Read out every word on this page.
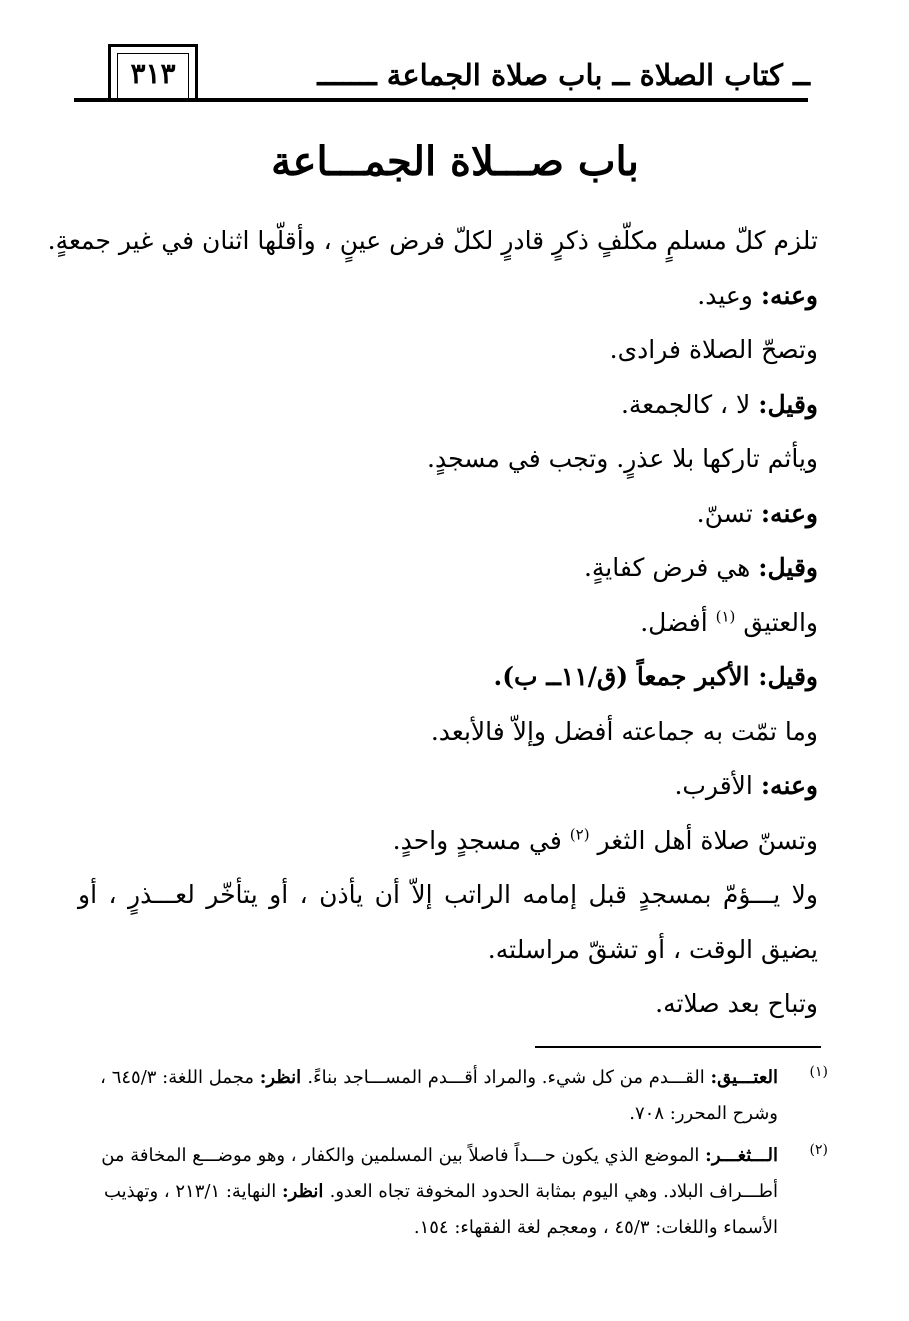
٣١٣	ــ كتاب الصلاة ــ باب صلاة الجماعة ـــــــ
باب صـــلاة الجمـــاعة

تلزم كلّ مسلمٍ مكلّفٍ ذكرٍ قادرٍ لكلّ فرض عينٍ ، وأقلّها اثنان في غير جمعةٍ.

وعنه: وعيد.

وتصحّ الصلاة فرادى.

وقيل: لا ، كالجمعة.

ويأثم تاركها بلا عذرٍ. وتجب في مسجدٍ.

وعنه: تسنّ.

وقيل: هي فرض كفايةٍ.

والعتيق $^{(١)}$ أفضل.

وقيل: الأكبر جمعاً (ق/١١ــ ب).

وما تمّت به جماعته أفضل وإلاّ فالأبعد.

وعنه: الأقرب.

وتسنّ صلاة أهل الثغر $^{(٢)}$ في مسجدٍ واحدٍ.

ولا يـــؤمّ بمسجدٍ قبل إمامه الراتب إلاّ أن يأذن ، أو يتأخّر لعـــذرٍ ، أو يضيق الوقت ، أو تشقّ مراسلته.

وتباح بعد صلاته.

(١)
العتـــيق: القـــدم من كل شيء. والمراد أقـــدم المســـاجد بناءً. انظر: مجمل اللغة: ٦٤٥/٣ ، وشرح المحرر: ٧٠٨.
(٢)
الـــثغـــر: الموضع الذي يكون حـــداً فاصلاً بين المسلمين والكفار ، وهو موضـــع المخافة من أطـــراف البلاد. وهي اليوم بمثابة الحدود المخوفة تجاه العدو. انظر: النهاية: ٢١٣/١ ، وتهذيب الأسماء واللغات: ٤٥/٣ ، ومعجم لغة الفقهاء: ١٥٤.
